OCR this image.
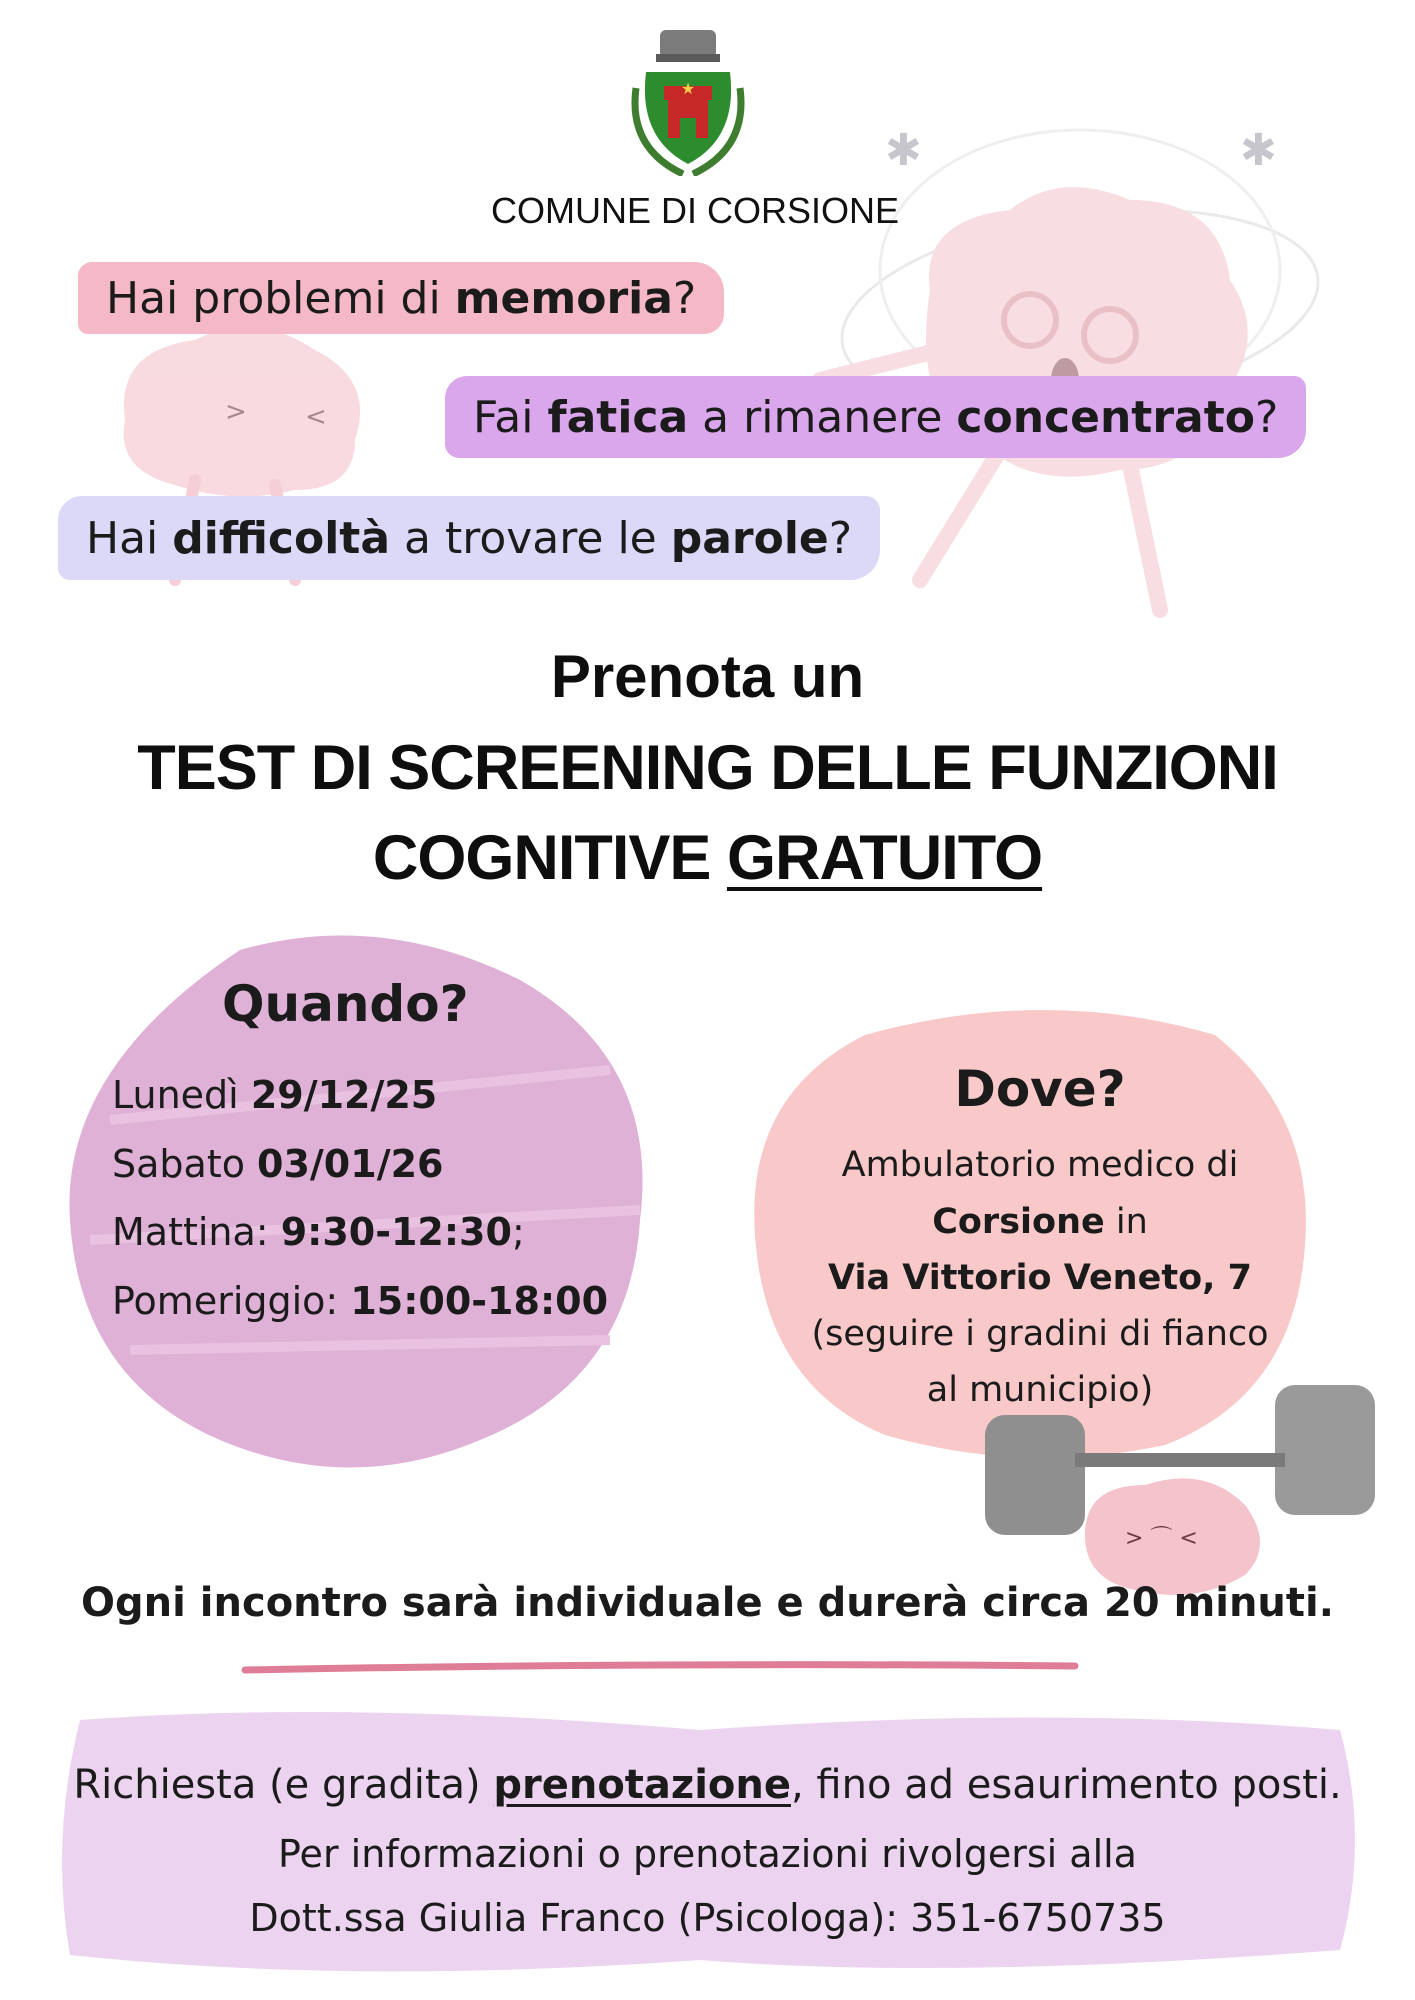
✱	✱
> <
★
COMUNE DI CORSIONE
Hai problemi di memoria ?
Fai fatica a rimanere concentrato ?
Hai difficoltà a trovare le parole ?
Prenota un
TEST DI SCREENING DELLE FUNZIONI
COGNITIVE GRATUITO
Quando?
Lunedì 29/12/25
Sabato 03/01/26
Mattina: 9:30-12:30;
Pomeriggio: 15:00-18:00
> ⌒ <
Dove?
Ambulatorio medico di
Corsione in
Via Vittorio Veneto, 7
(seguire i gradini di fianco
al municipio)
Ogni incontro sarà individuale e durerà circa 20 minuti.
Richiesta (e gradita) prenotazione, fino ad esaurimento posti.
Per informazioni o prenotazioni rivolgersi alla
Dott.ssa Giulia Franco (Psicologa): 351-6750735
